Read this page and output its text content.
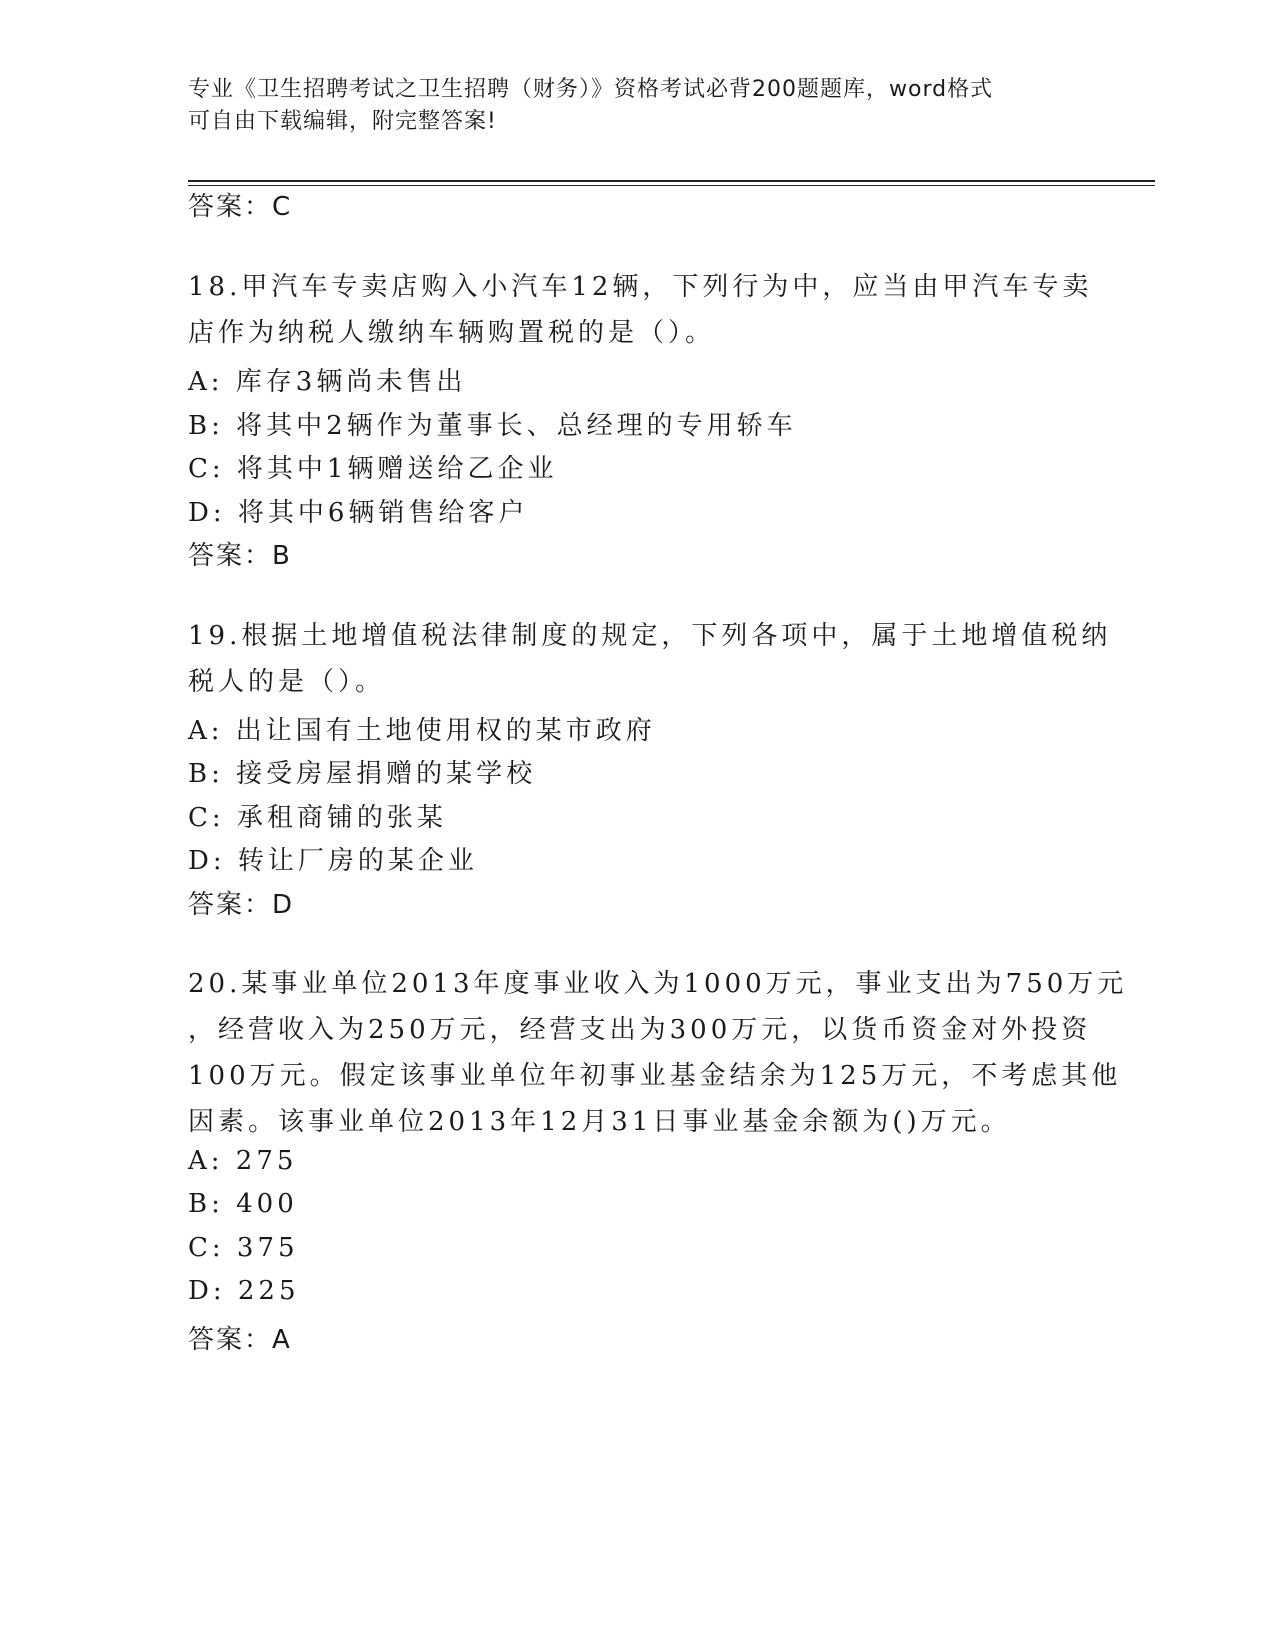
专业《卫生招聘考试之卫生招聘（财务）》资格考试必背200题题库，word格式
可自由下载编辑，附完整答案!
答案：C
18.甲汽车专卖店购入小汽车12辆，下列行为中，应当由甲汽车专卖
店作为纳税人缴纳车辆购置税的是（）。
A: 库存3辆尚未售出
B: 将其中2辆作为董事长、总经理的专用轿车
C: 将其中1辆赠送给乙企业
D: 将其中6辆销售给客户
答案：B
19.根据土地增值税法律制度的规定，下列各项中，属于土地增值税纳
税人的是（）。
A: 出让国有土地使用权的某市政府
B: 接受房屋捐赠的某学校
C: 承租商铺的张某
D: 转让厂房的某企业
答案：D
20.某事业单位2013年度事业收入为1000万元，事业支出为750万元
，经营收入为250万元，经营支出为300万元，以货币资金对外投资
100万元。假定该事业单位年初事业基金结余为125万元，不考虑其他
因素。该事业单位2013年12月31日事业基金余额为()万元。
A: 275
B: 400
C: 375
D: 225
答案：A
